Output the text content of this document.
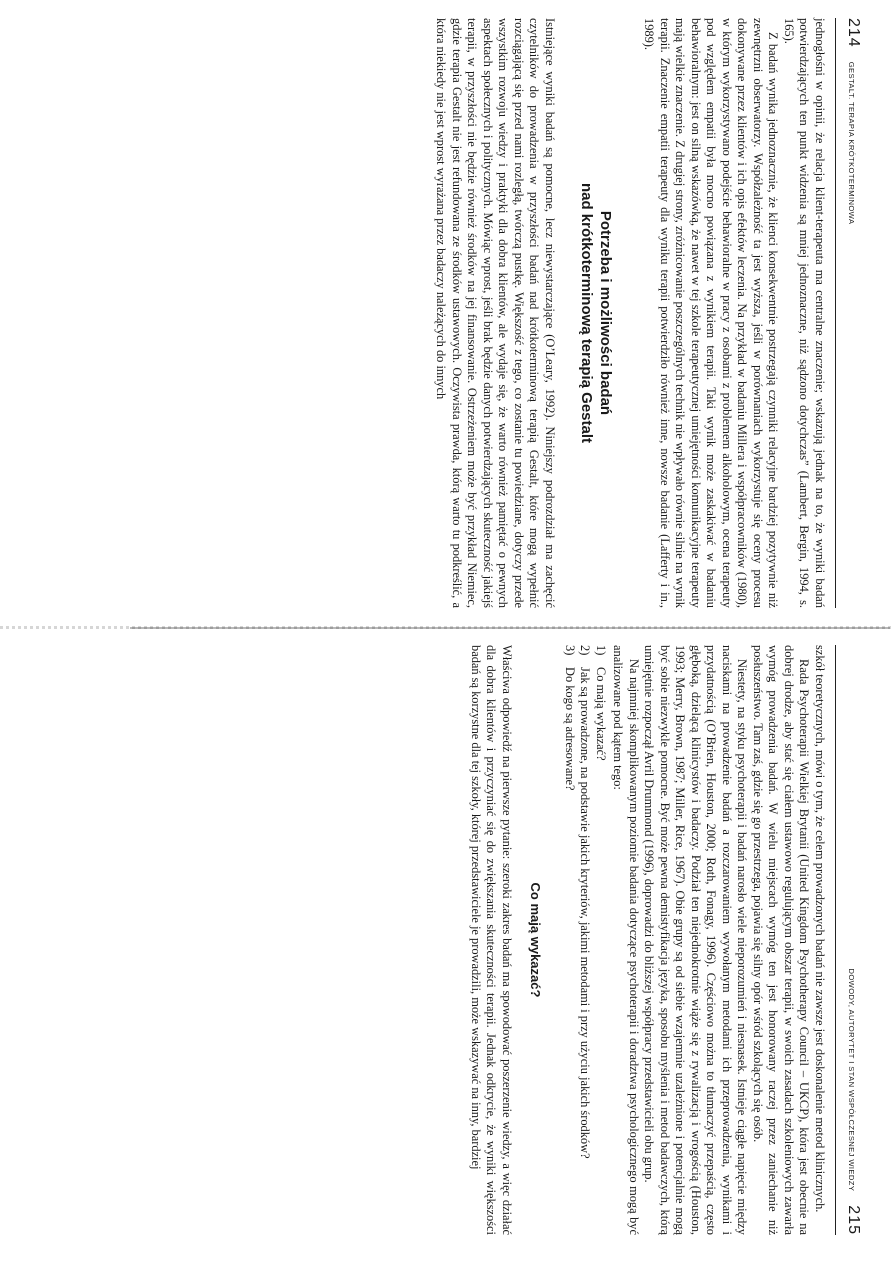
214
GESTALT. TERAPIA KRÓTKOTERMINOWA

jednogłośni w opinii, że relacja klient-terapeuta ma centralne znaczenie; wskazują jednak na to, że wyniki badań potwierdzających ten punkt widzenia są mniej jednoznaczne, niż sądzono dotychczas” (Lambert, Bergin, 1994, s. 165).

Z badań wynika jednoznacznie, że klienci konsekwentnie postrzegają czynniki relacyjne bardziej pozytywnie niż zewnętrzni obserwatorzy. Współzależność ta jest wyższa, jeśli w porównaniach wykorzystuje się oceny procesu dokonywane przez klientów i ich opis efektów leczenia. Na przykład w badaniu Millera i współpracowników (1980), w którym wykorzystywano podejście behawioralne w pracy z osobami z problemem alkoholowym, ocena terapeuty pod względem empatii była mocno powiązana z wynikiem terapii. Taki wynik może zaskakiwać w badaniu behawioralnym: jest on silną wskazówką, że nawet w tej szkole terapeutycznej umiejętności komunikacyjne terapeuty mają wielkie znaczenie. Z drugiej strony, zróżnicowanie poszczególnych technik nie wpływało równie silnie na wynik terapii. Znaczenie empatii terapeuty dla wyniku terapii potwierdziło również inne, nowsze badanie (Lafferty i in., 1989).

Potrzeba i możliwości badań
nad krótkoterminową terapią Gestalt

Istniejące wyniki badań są pomocne, lecz niewystarczające (O’Leary, 1992). Niniejszy podrozdział ma zachęcić czytelników do prowadzenia w przyszłości badań nad krótkoterminową terapią Gestalt, które mogą wypełnić rozciągającą się przed nami rozległą, twórczą pustkę. Większość z tego, co zostanie tu powiedziane, dotyczy przede wszystkim rozwoju wiedzy i praktyki dla dobra klientów, ale wydaje się, że warto również pamiętać o pewnych aspektach społecznych i politycznych. Mówiąc wprost, jeśli brak będzie danych potwierdzających skuteczność jakiejś terapii, w przyszłości nie będzie również środków na jej finansowanie. Ostrzeżeniem może być przykład Niemiec, gdzie terapia Gestalt nie jest refundowana ze środków ustawowych. Oczywista prawda, którą warto tu podkreślić, a która niekiedy nie jest wprost wyrażana przez badaczy należących do innych

DOWODY, AUTORYTET I STAN WSPÓŁCZESNEJ WIEDZY
215

szkół teoretycznych, mówi o tym, że celem prowadzonych badań nie zawsze jest doskonalenie metod klinicznych.

Rada Psychoterapii Wielkiej Brytanii (United Kingdom Psychotherapy Council – UKCP), która jest obecnie na dobrej drodze, aby stać się ciałem ustawowo regulującym obszar terapii, w swoich zasadach szkoleniowych zawarła wymóg prowadzenia badań. W wielu miejscach wymóg ten jest honorowany raczej przez zaniechanie niż posłuszeństwo. Tam zaś, gdzie się go przestrzega, pojawia się silny opór wśród szkolących się osób.

Niestety, na styku psychoterapii i badań narosło wiele nieporozumień i niesnasek. Istnieje ciągłe napięcie między naciskami na prowadzenie badań a rozczarowaniem wywołanym metodami ich przeprowadzenia, wynikami i przydatnością (O’Brien, Houston, 2000; Roth, Fonagy, 1996). Częściowo można to tłumaczyć przepaścią, często głęboką, dzielącą klinicystów i badaczy. Podział ten niejednokrotnie wiąże się z rywalizacją i wrogością (Houston, 1993; Merry, Brown, 1987; Miller, Rice, 1967). Obie grupy są od siebie wzajemnie uzależnione i potencjalnie mogą być sobie niezwykle pomocne. Być może pewna demistyfikacja języka, sposobu myślenia i metod badawczych, którą umiejętnie rozpoczął Avril Drummond (1996), doprowadzi do bliższej współpracy przedstawicieli obu grup.

Na najmniej skomplikowanym poziomie badania dotyczące psychoterapii i doradztwa psychologicznego mogą być analizowane pod kątem tego:

1)
Co mają wykazać?
2)
Jak są prowadzone, na podstawie jakich kryteriów, jakimi metodami i przy użyciu jakich środków?
3)
Do kogo są adresowane?
Co mają wykazać?

Właściwa odpowiedź na pierwsze pytanie: szeroki zakres badań ma spowodować poszerzenie wiedzy, a więc działać dla dobra klientów i przyczyniać się do zwiększania skuteczności terapii. Jednak odkrycie, że wyniki większości badań są korzystne dla tej szkoły, której przedstawiciele je prowadzili, może wskazywać na inny, bardziej
